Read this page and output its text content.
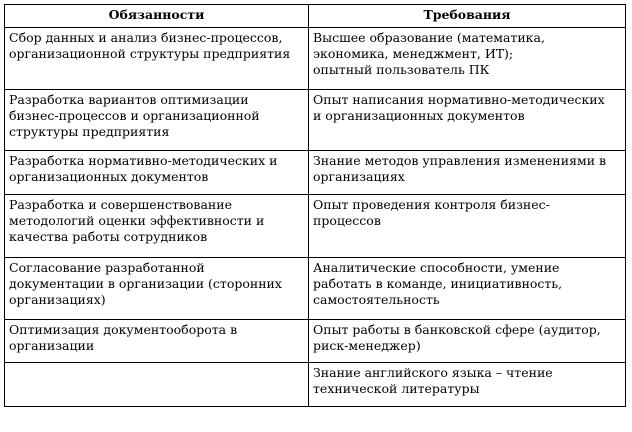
Обязанности	Требования

Сбор данных и анализ бизнес-процессов,
организационной структуры предприятия	Высшее образование (математика,
экономика, менеджмент, ИТ);
опытный пользователь ПК

Разработка вариантов оптимизации
бизнес-процессов и организационной
структуры предприятия	Опыт написания нормативно-методических
и организационных документов

Разработка нормативно-методических и
организационных документов	Знание методов управления изменениями в
организациях

Разработка и совершенствование
методологий оценки эффективности и
качества работы сотрудников	Опыт проведения контроля бизнес-
процессов

Согласование разработанной
документации в организации (сторонних
организациях)	Аналитические способности, умение
работать в команде, инициативность,
самостоятельность

Оптимизация документооборота в
организации	Опыт работы в банковской сфере (аудитор,
риск-менеджер)

	Знание английского языка – чтение
технической литературы
